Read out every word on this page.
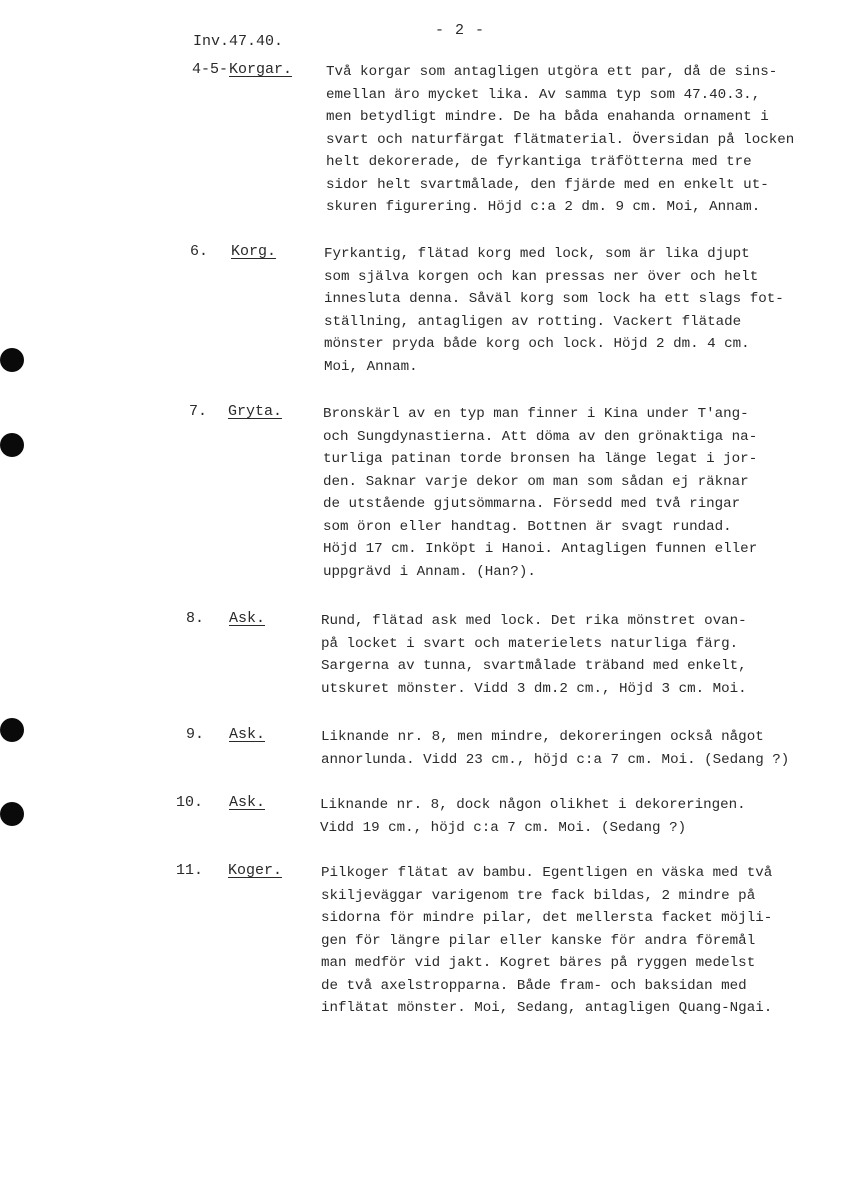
- 2 -
Inv.47.40.
4-5- Korgar. Två korgar som antagligen utgöra ett par, då de sins-
emellan äro mycket lika. Av samma typ som 47.40.3.,
men betydligt mindre. De ha båda enahanda ornament i
svart och naturfärgat flätmaterial. Översidan på locken
helt dekorerade, de fyrkantiga träfötterna med tre
sidor helt svartmålade, den fjärde med en enkelt ut-
skuren figurering. Höjd c:a 2 dm. 9 cm. Moi, Annam.
6. Korg.	Fyrkantig, flätad korg med lock, som är lika djupt
som själva korgen och kan pressas ner över och helt
innesluta denna. Såväl korg som lock ha ett slags fot-
ställning, antagligen av rotting. Vackert flätade
mönster pryda både korg och lock. Höjd 2 dm. 4 cm.
Moi, Annam.
7. Gryta.	Bronskärl av en typ man finner i Kina under T'ang-
och Sungdynastierna. Att döma av den grönaktiga na-
turliga patinan torde bronsen ha länge legat i jor-
den. Saknar varje dekor om man som sådan ej räknar
de utstående gjutsömmarna. Försedd med två ringar
som öron eller handtag. Bottnen är svagt rundad.
Höjd 17 cm. Inköpt i Hanoi. Antagligen funnen eller
uppgrävd i Annam. (Han?).
8. Ask.	Rund, flätad ask med lock. Det rika mönstret ovan-
på locket i svart och materielets naturliga färg.
Sargerna av tunna, svartmålade träband med enkelt,
utskuret mönster. Vidd 3 dm.2 cm., Höjd 3 cm. Moi.
9. Ask.	Liknande nr. 8, men mindre, dekoreringen också något
annorlunda. Vidd 23 cm., höjd c:a 7 cm. Moi. (Sedang ?)
10. Ask.	Liknande nr. 8, dock någon olikhet i dekoreringen.
Vidd 19 cm., höjd c:a 7 cm. Moi. (Sedang ?)
11. Koger.	Pilkoger flätat av bambu. Egentligen en väska med två
skiljeväggar varigenom tre fack bildas, 2 mindre på
sidorna för mindre pilar, det mellersta facket möjli-
gen för längre pilar eller kanske för andra föremål
man medför vid jakt. Kogret bäres på ryggen medelst
de två axelstropparna. Både fram- och baksidan med
inflätat mönster. Moi, Sedang, antagligen Quang-Ngai.
